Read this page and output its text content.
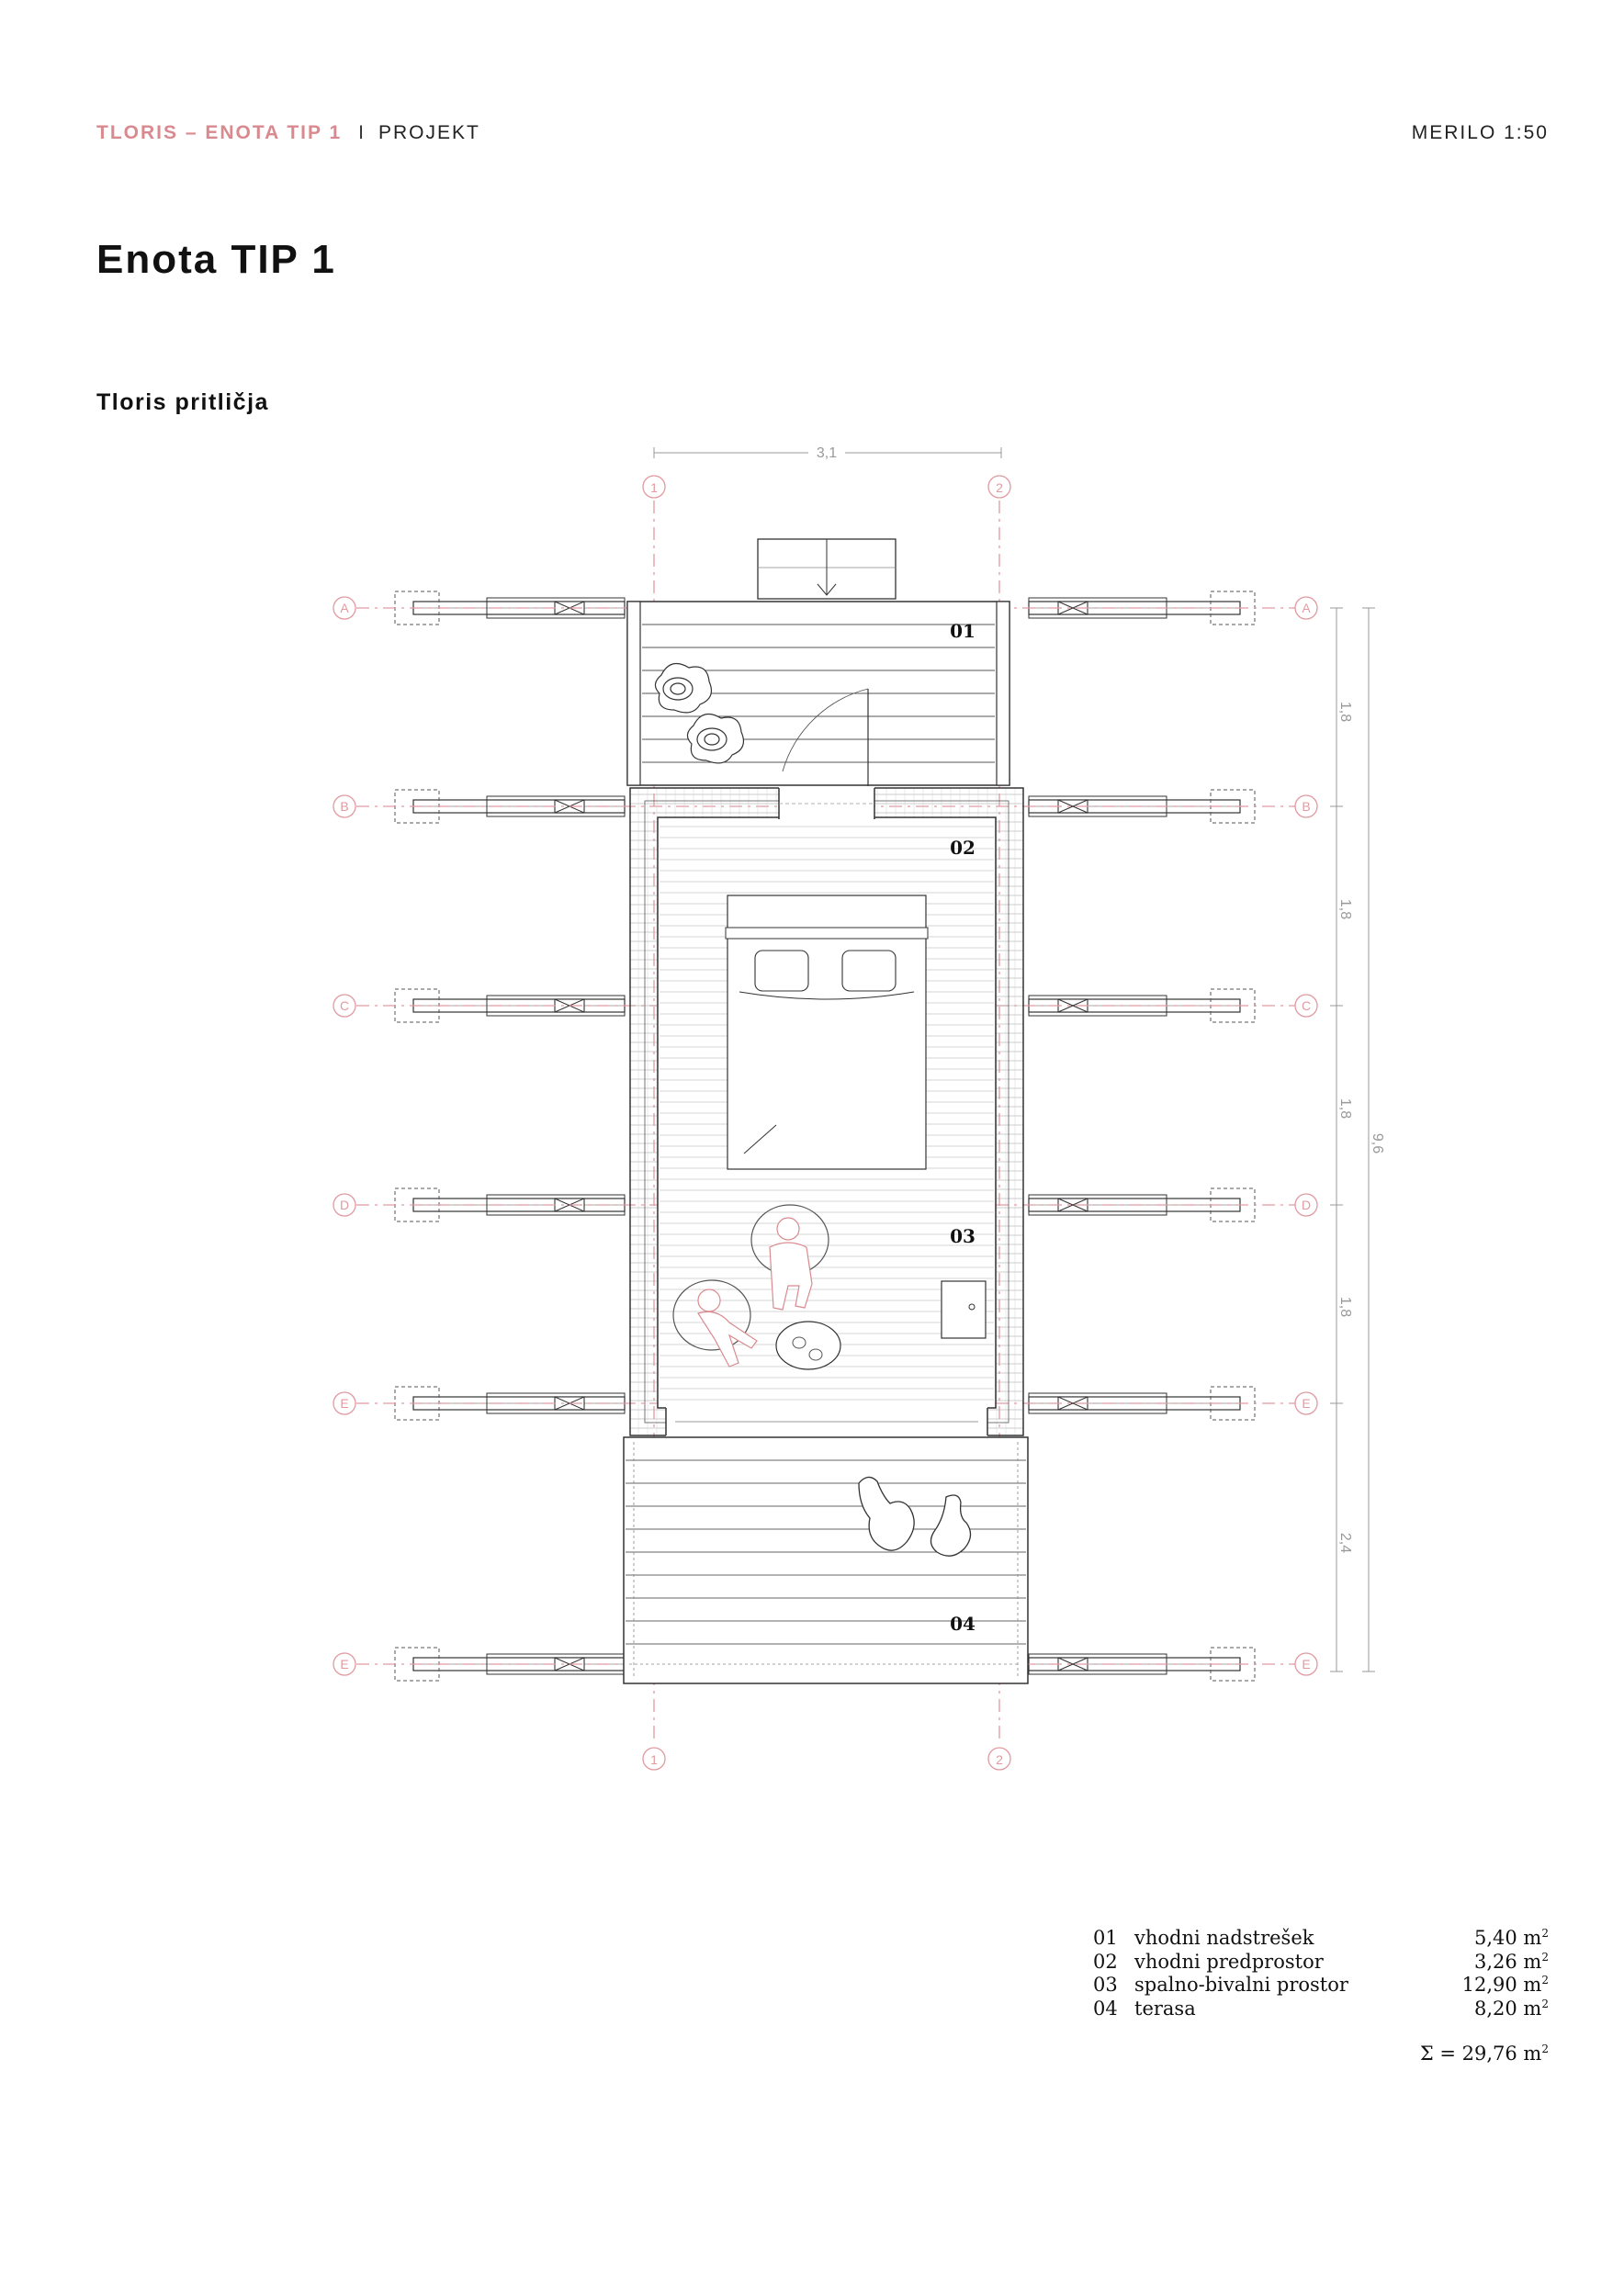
TLORIS – ENOTA TIP 1 I PROJEKT	MERILO 1:50
Enota TIP 1
Tloris pritličja
3,1
1	2
1	2
A	A
B	B
C	C
D	D
E	E
E	E
01
02
03
04
1,8
1,8
1,8
1,8
2,4
9,6
01 vhodni nadstrešek	5,40 $m^2$
02 vhodni predprostor	3,26 $m^2$
03 spalno-bivalni prostor	12,90 $m^2$
04 terasa	8,20 $m^2$
Σ = 29,76 $m^2$
